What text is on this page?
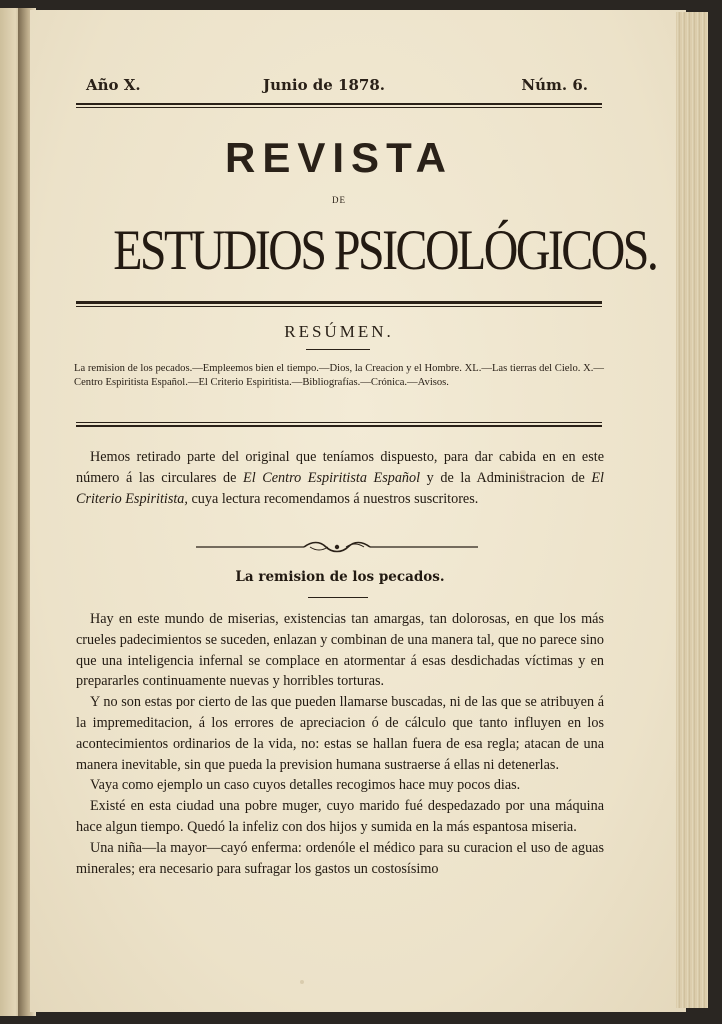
Año X.	Junio de 1878.	Núm. 6.
REVISTA
DE
ESTUDIOS PSICOLÓGICOS.
RESÚMEN.
La remision de los pecados.—Empleemos bien el tiempo.—Dios, la Creacion y el Hombre. XL.—Las tierras del Cielo. X.—Centro Espiritista Español.—El Criterio Espiritista.—Bibliografías.—Crónica.—Avisos.

Hemos retirado parte del original que teníamos dispuesto, para dar cabida en en este número á las circulares de El Centro Espiritista Español y de la Administracion de El Criterio Espiritista, cuya lectura recomendamos á nuestros suscritores.

La remision de los pecados.

Hay en este mundo de miserias, existencias tan amargas, tan dolorosas, en que los más crueles padecimientos se suceden, enlazan y combinan de una manera tal, que no parece sino que una inteligencia infernal se complace en atormentar á esas desdichadas víctimas y en prepararles continuamente nuevas y horribles torturas.

Y no son estas por cierto de las que pueden llamarse buscadas, ni de las que se atribuyen á la impremeditacion, á los errores de apreciacion ó de cálculo que tanto influyen en los acontecimientos ordinarios de la vida, no: estas se hallan fuera de esa regla; atacan de una manera inevitable, sin que pueda la prevision humana sustraerse á ellas ni detenerlas.

Vaya como ejemplo un caso cuyos detalles recogimos hace muy pocos dias.

Existé en esta ciudad una pobre muger, cuyo marido fué despedazado por una máquina hace algun tiempo. Quedó la infeliz con dos hijos y sumida en la más espantosa miseria.

Una niña—la mayor—cayó enferma: ordenóle el médico para su curacion el uso de aguas minerales; era necesario para sufragar los gastos un costosísimo
